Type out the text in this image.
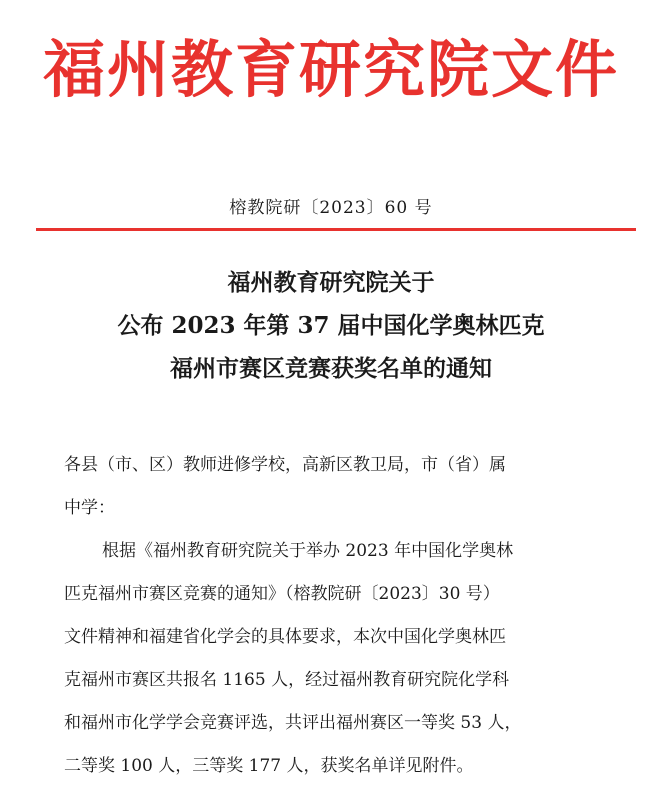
福州教育研究院文件
榕教院研〔2023〕60 号
福州教育研究院关于
公布 2023 年第 37 届中国化学奥林匹克
福州市赛区竞赛获奖名单的通知
各县（市、区）教师进修学校，高新区教卫局，市（省）属
中学：
根据《福州教育研究院关于举办 2023 年中国化学奥林
匹克福州市赛区竞赛的通知》（榕教院研〔2023〕30 号）
文件精神和福建省化学会的具体要求，本次中国化学奥林匹
克福州市赛区共报名 1165 人，经过福州教育研究院化学科
和福州市化学学会竞赛评选，共评出福州赛区一等奖 53 人，
二等奖 100 人，三等奖 177 人，获奖名单详见附件。
